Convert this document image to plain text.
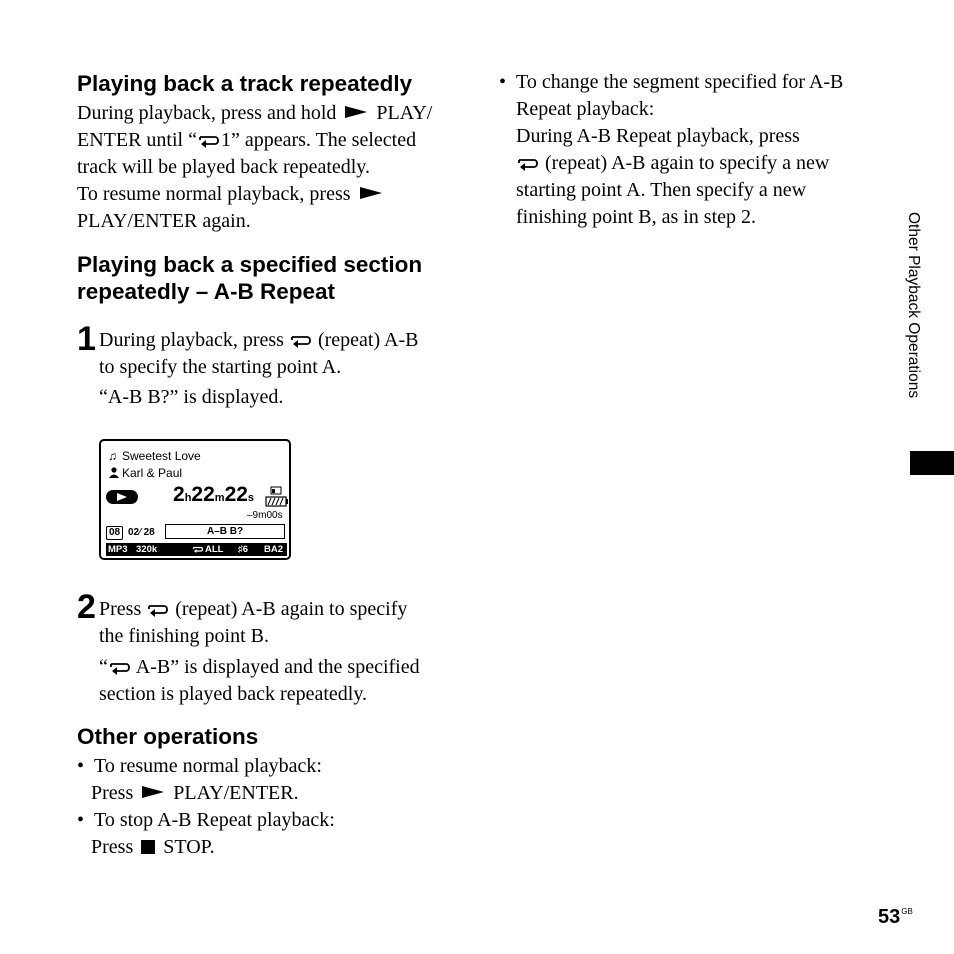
Playing back a track repeatedly

During playback, press and hold  PLAY/

ENTER until “ 1” appears. The selected

track will be played back repeatedly.

To resume normal playback, press

PLAY/ENTER again.

Playing back a specified section
repeatedly – A-B Repeat
1 During playback, press  (repeat) A-B

to specify the starting point A.

“A-B B?” is displayed.

♫ Sweetest Love
Karl & Paul
2h22m22s
–9m00s
08 02⁄ 28	A–B B?
MP3 320k	ALL ♯6 BA2
2 Press  (repeat) A-B again to specify

the finishing point B.

“ A-B” is displayed and the specified

section is played back repeatedly.

Other operations

•  To resume normal playback:

Press  PLAY/ENTER.

•  To stop A-B Repeat playback:

Press  STOP.

•  To change the segment specified for A-B

Repeat playback:

During A-B Repeat playback, press

(repeat) A-B again to specify a new

starting point A. Then specify a new

finishing point B, as in step 2.	Other Playback Operations
$53^{GB}$
